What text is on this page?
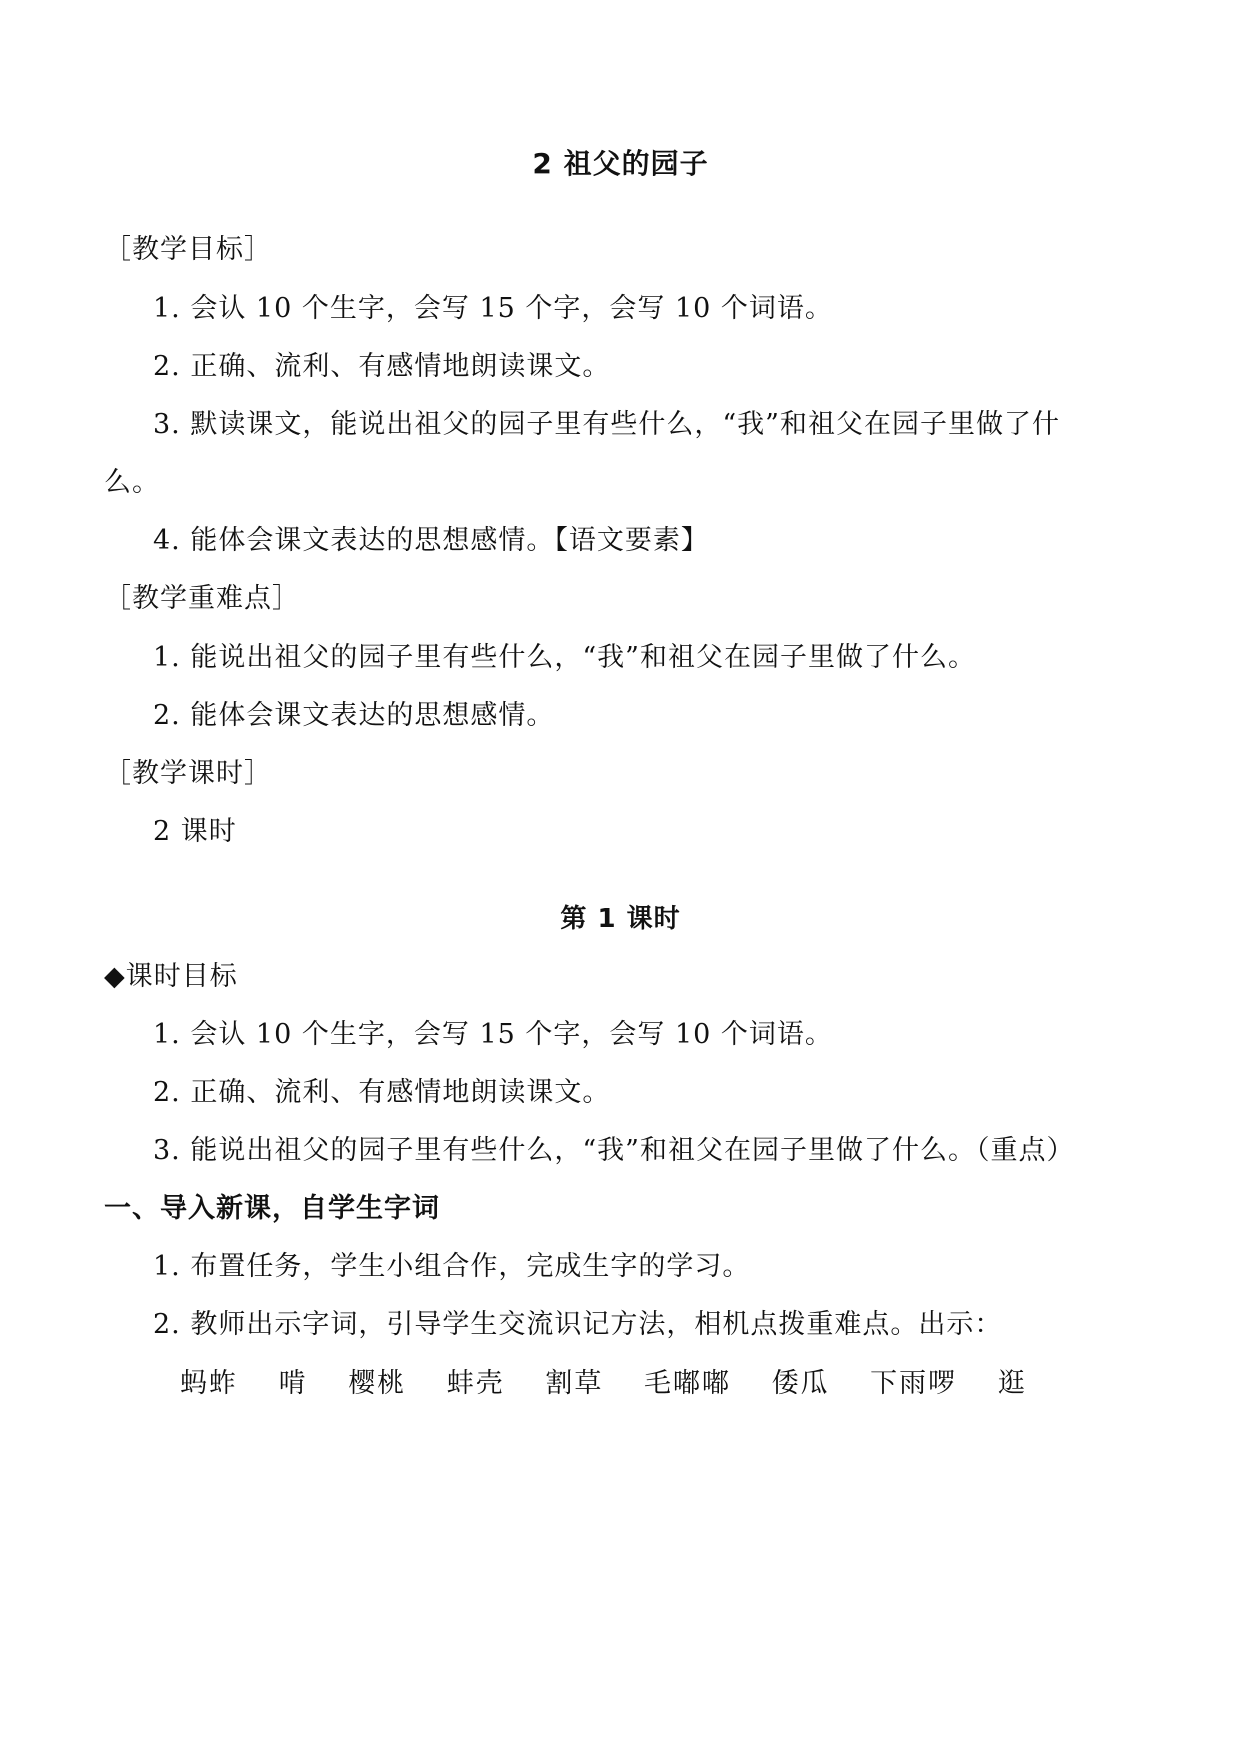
2 祖父的园子

［教学目标］

1. 会认 10 个生字，会写 15 个字，会写 10 个词语。

2. 正确、流利、有感情地朗读课文。

3. 默读课文，能说出祖父的园子里有些什么，“我”和祖父在园子里做了什

么。

4. 能体会课文表达的思想感情。【语文要素】

［教学重难点］

1. 能说出祖父的园子里有些什么，“我”和祖父在园子里做了什么。

2. 能体会课文表达的思想感情。

［教学课时］

2 课时

第 1 课时

◆课时目标

1. 会认 10 个生字，会写 15 个字，会写 10 个词语。

2. 正确、流利、有感情地朗读课文。

3. 能说出祖父的园子里有些什么，“我”和祖父在园子里做了什么。（重点）

一、导入新课，自学生字词

1. 布置任务，学生小组合作，完成生字的学习。

2. 教师出示字词，引导学生交流识记方法，相机点拨重难点。出示：

蚂蚱 啃 樱桃 蚌壳 割草 毛嘟嘟 倭瓜 下雨啰 逛
